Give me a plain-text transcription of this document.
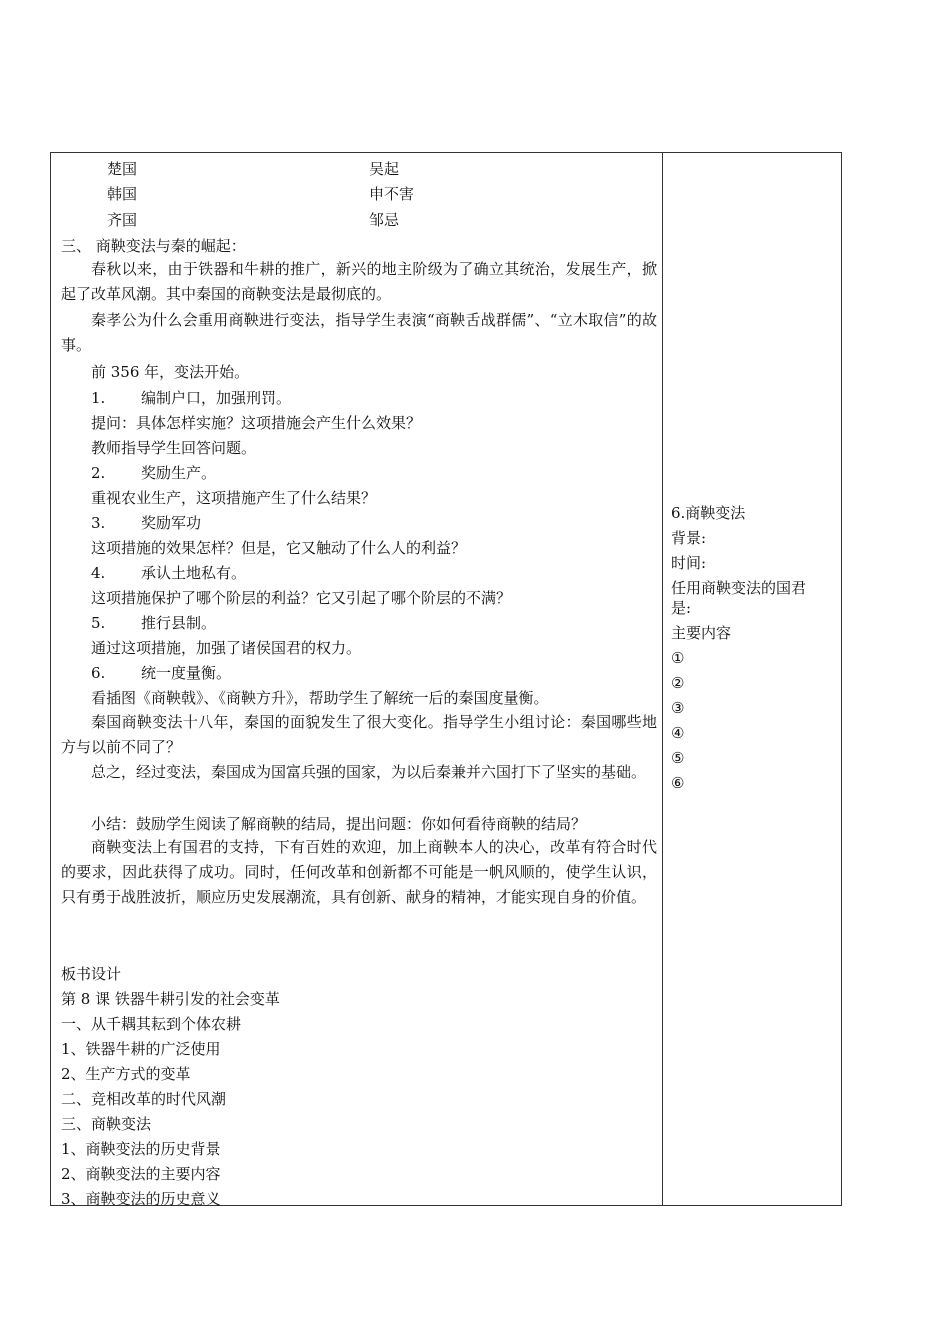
楚国	吴起
韩国	申不害
齐国	邹忌
三、 商鞅变法与秦的崛起：
春秋以来，由于铁器和牛耕的推广，新兴的地主阶级为了确立其统治，发展生产，掀起了改革风潮。其中秦国的商鞅变法是最彻底的。
秦孝公为什么会重用商鞅进行变法，指导学生表演“商鞅舌战群儒”、“立木取信”的故事。
前 356 年，变法开始。
1. 编制户口，加强刑罚。
提问：具体怎样实施？这项措施会产生什么效果？
教师指导学生回答问题。
2. 奖励生产。
重视农业生产，这项措施产生了什么结果？
3. 奖励军功
这项措施的效果怎样？但是，它又触动了什么人的利益？
4. 承认土地私有。
这项措施保护了哪个阶层的利益？它又引起了哪个阶层的不满？
5. 推行县制。
通过这项措施，加强了诸侯国君的权力。
6. 统一度量衡。
看插图《商鞅戟》、《商鞅方升》，帮助学生了解统一后的秦国度量衡。
秦国商鞅变法十八年，秦国的面貌发生了很大变化。指导学生小组讨论：秦国哪些地方与以前不同了？
总之，经过变法，秦国成为国富兵强的国家，为以后秦兼并六国打下了坚实的基础。
小结：鼓励学生阅读了解商鞅的结局，提出问题：你如何看待商鞅的结局？
商鞅变法上有国君的支持，下有百姓的欢迎，加上商鞅本人的决心，改革有符合时代的要求，因此获得了成功。同时，任何改革和创新都不可能是一帆风顺的，使学生认识，只有勇于战胜波折，顺应历史发展潮流，具有创新、献身的精神，才能实现自身的价值。
板书设计
第 8 课 铁器牛耕引发的社会变革
一、从千耦其耘到个体农耕
1、铁器牛耕的广泛使用
2、生产方式的变革
二、竞相改革的时代风潮
三、商鞅变法
1、商鞅变法的历史背景
2、商鞅变法的主要内容
3、商鞅变法的历史意义
6.商鞅变法
背景:
时间:
任用商鞅变法的国君
是:
主要内容
①
②
③
④
⑤
⑥
